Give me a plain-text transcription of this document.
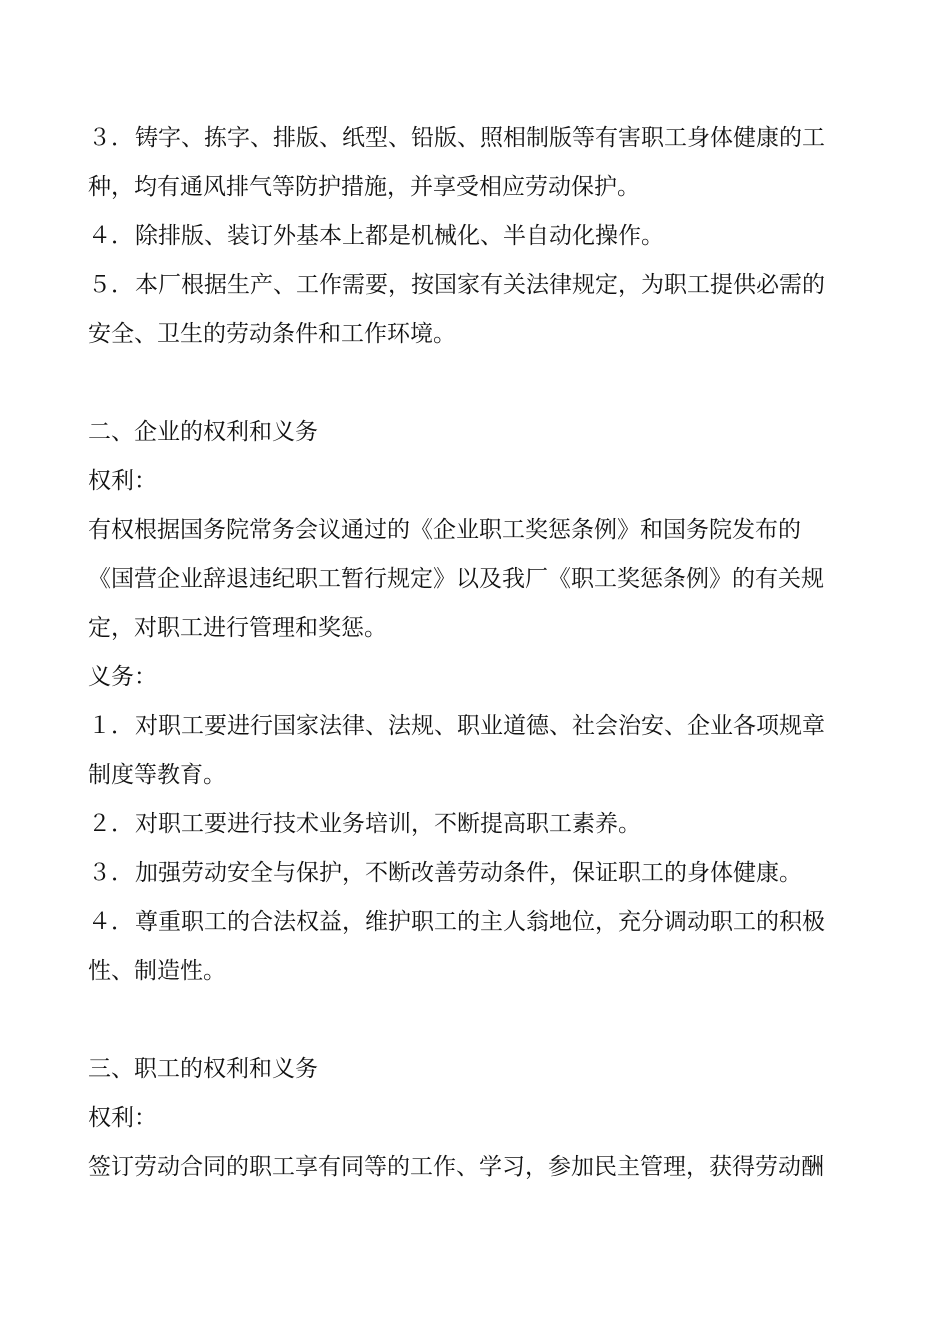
３．铸字、拣字、排版、纸型、铅版、照相制版等有害职工身体健康的工
种，均有通风排气等防护措施，并享受相应劳动保护。
４．除排版、装订外基本上都是机械化、半自动化操作。
５．本厂根据生产、工作需要，按国家有关法律规定，为职工提供必需的
安全、卫生的劳动条件和工作环境。
二、企业的权利和义务
权利：
有权根据国务院常务会议通过的《企业职工奖惩条例》和国务院发布的
《国营企业辞退违纪职工暂行规定》以及我厂《职工奖惩条例》的有关规
定，对职工进行管理和奖惩。
义务：
１．对职工要进行国家法律、法规、职业道德、社会治安、企业各项规章
制度等教育。
２．对职工要进行技术业务培训，不断提高职工素养。
３．加强劳动安全与保护，不断改善劳动条件，保证职工的身体健康。
４．尊重职工的合法权益，维护职工的主人翁地位，充分调动职工的积极
性、制造性。
三、职工的权利和义务
权利：
签订劳动合同的职工享有同等的工作、学习，参加民主管理，获得劳动酬
